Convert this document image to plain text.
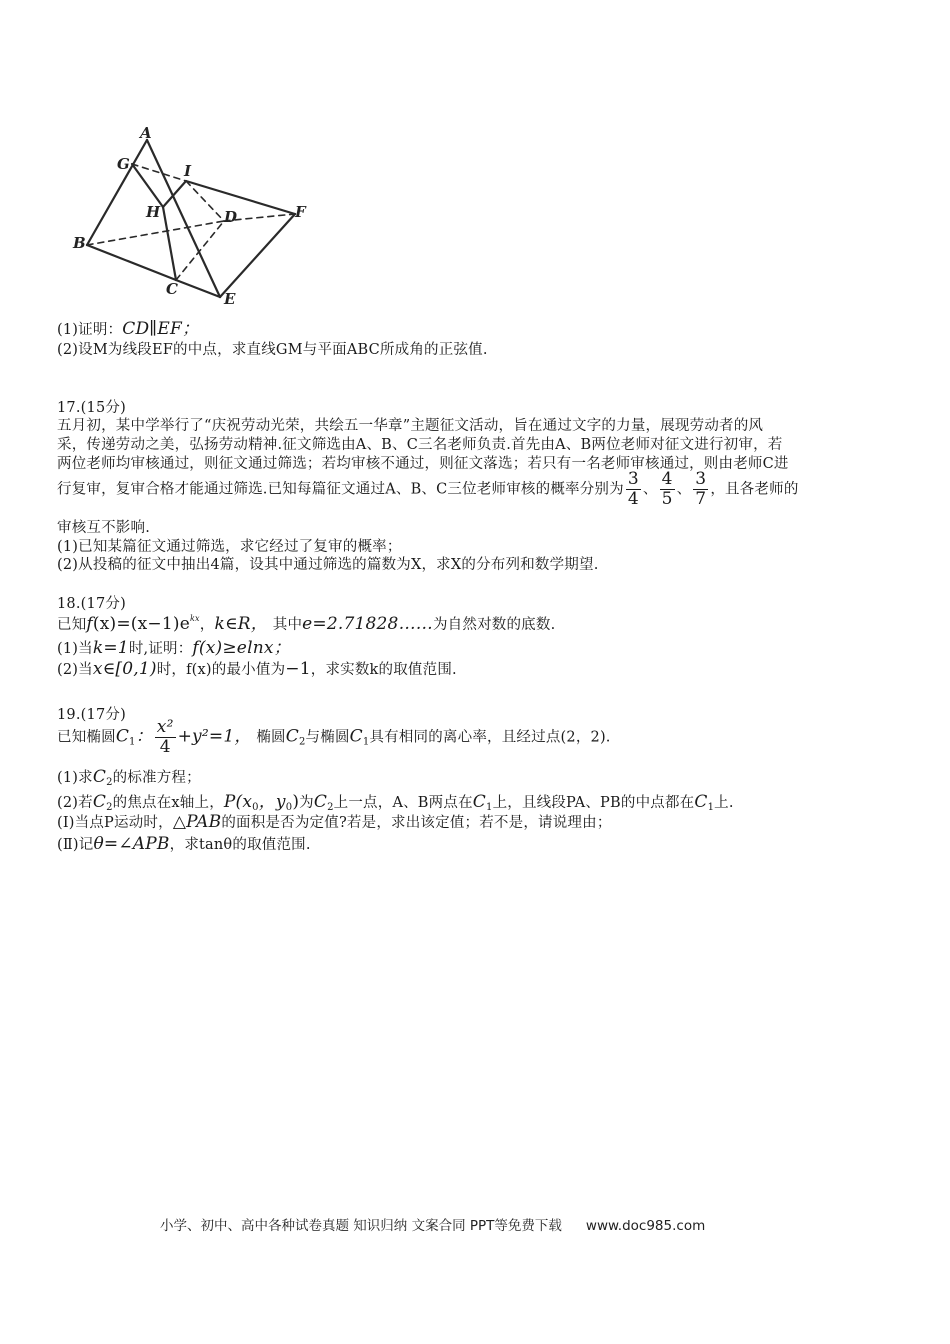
A
G	I
H	D	F
B
C
E
(1)证明：CD∥EF；
(2)设M为线段EF的中点，求直线GM与平面ABC所成角的正弦值.
17.(15分)
五月初，某中学举行了“庆祝劳动光荣，共绘五一华章”主题征文活动，旨在通过文字的力量，展现劳动者的风
采，传递劳动之美，弘扬劳动精神.征文筛选由A、B、C三名老师负责.首先由A、B两位老师对征文进行初审，若
两位老师均审核通过，则征文通过筛选；若均审核不通过，则征文落选；若只有一名老师审核通过，则由老师C进
行复审，复审合格才能通过筛选.已知每篇征文通过A、B、C三位老师审核的概率分别为 $\frac{3}{4}$ 、 $\frac{4}{5}$ 、 $\frac{3}{7}$ ，且各老师的
审核互不影响.
(1)已知某篇征文通过筛选，求它经过了复审的概率；
(2)从投稿的征文中抽出4篇，设其中通过筛选的篇数为X，求X的分布列和数学期望.
18.(17分)
已知$f(x)=(x-1)e^{kx}$，k∈R， 其中e=2.71828……为自然对数的底数.
(1)当k=1时,证明：f(x)≥elnx；
(2)当x∈[0,1)时，f(x)的最小值为−1，求实数k的取值范围.
19.(17分)
已知椭圆$C_1$： $\frac{\text{x²}}{4} +y^2=1$， 椭圆$C_2$与椭圆$C_1$具有相同的离心率，且经过点(2，2).
(1)求$C_2$的标准方程；
(2)若$C_2$的焦点在x轴上，$P(x_0$，$y_0$)为$C_2$上一点，A、B两点在$C_1$上，且线段PA、PB的中点都在$C_1$上.
(Ⅰ)当点P运动时，△PAB的面积是否为定值?若是，求出该定值；若不是，请说理由；
(Ⅱ)记θ=∠APB，求tanθ的取值范围.
小学、初中、高中各种试卷真题 知识归纳 文案合同 PPT等免费下载 www.doc985.com
